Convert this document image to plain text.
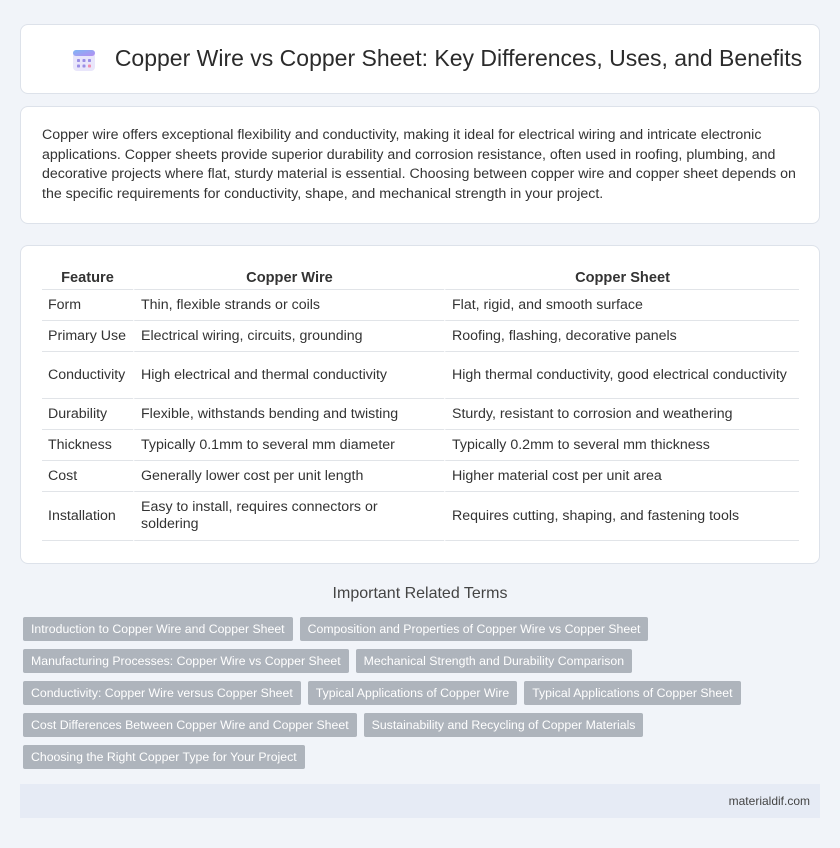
Copper Wire vs Copper Sheet: Key Differences, Uses, and Benefits

Copper wire offers exceptional flexibility and conductivity, making it ideal for electrical wiring and intricate electronic applications. Copper sheets provide superior durability and corrosion resistance, often used in roofing, plumbing, and decorative projects where flat, sturdy material is essential. Choosing between copper wire and copper sheet depends on the specific requirements for conductivity, shape, and mechanical strength in your project.

Feature	Copper Wire	Copper Sheet
Form	Thin, flexible strands or coils	Flat, rigid, and smooth surface
Primary Use	Electrical wiring, circuits, grounding	Roofing, flashing, decorative panels
Conductivity	High electrical and thermal conductivity	High thermal conductivity, good electrical conductivity
Durability	Flexible, withstands bending and twisting	Sturdy, resistant to corrosion and weathering
Thickness	Typically 0.1mm to several mm diameter	Typically 0.2mm to several mm thickness
Cost	Generally lower cost per unit length	Higher material cost per unit area
Installation	Easy to install, requires connectors or soldering	Requires cutting, shaping, and fastening tools
Important Related Terms
Introduction to Copper Wire and Copper Sheet	Composition and Properties of Copper Wire vs Copper Sheet
Manufacturing Processes: Copper Wire vs Copper Sheet	Mechanical Strength and Durability Comparison
Conductivity: Copper Wire versus Copper Sheet	Typical Applications of Copper Wire	Typical Applications of Copper Sheet
Cost Differences Between Copper Wire and Copper Sheet	Sustainability and Recycling of Copper Materials
Choosing the Right Copper Type for Your Project
materialdif.com
